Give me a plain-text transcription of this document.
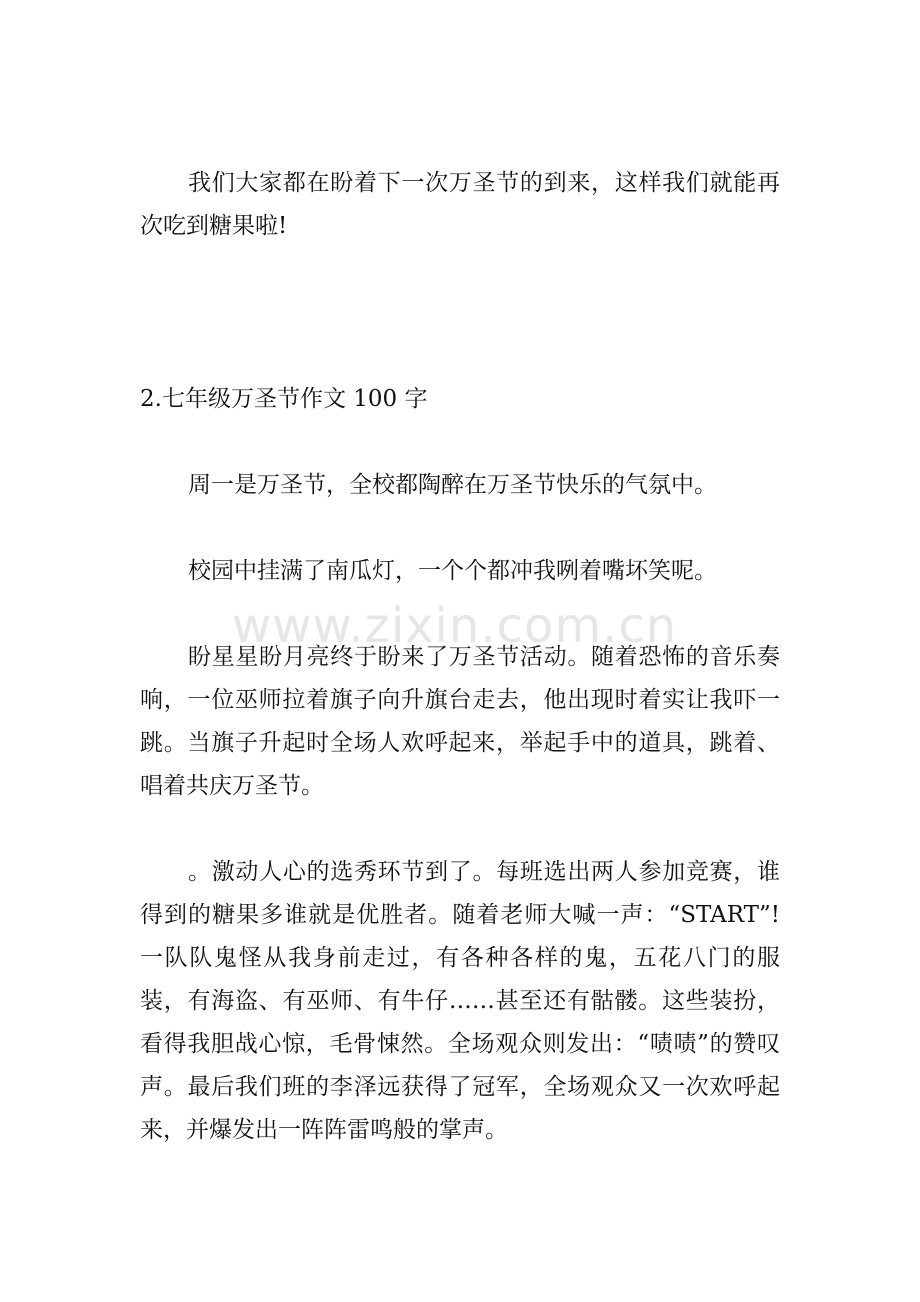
www.zixin.com.cn

我们大家都在盼着下一次万圣节的到来，这样我们就能再次吃到糖果啦!

2.七年级万圣节作文 100 字

周一是万圣节，全校都陶醉在万圣节快乐的气氛中。

校园中挂满了南瓜灯，一个个都冲我咧着嘴坏笑呢。

盼星星盼月亮终于盼来了万圣节活动。随着恐怖的音乐奏响，一位巫师拉着旗子向升旗台走去，他出现时着实让我吓一跳。当旗子升起时全场人欢呼起来，举起手中的道具，跳着、唱着共庆万圣节。

。激动人心的选秀环节到了。每班选出两人参加竞赛，谁得到的糖果多谁就是优胜者。随着老师大喊一声：“START”!一队队鬼怪从我身前走过，有各种各样的鬼，五花八门的服装，有海盗、有巫师、有牛仔……甚至还有骷髅。这些装扮，看得我胆战心惊，毛骨悚然。全场观众则发出：“啧啧”的赞叹声。最后我们班的李泽远获得了冠军，全场观众又一次欢呼起来，并爆发出一阵阵雷鸣般的掌声。
